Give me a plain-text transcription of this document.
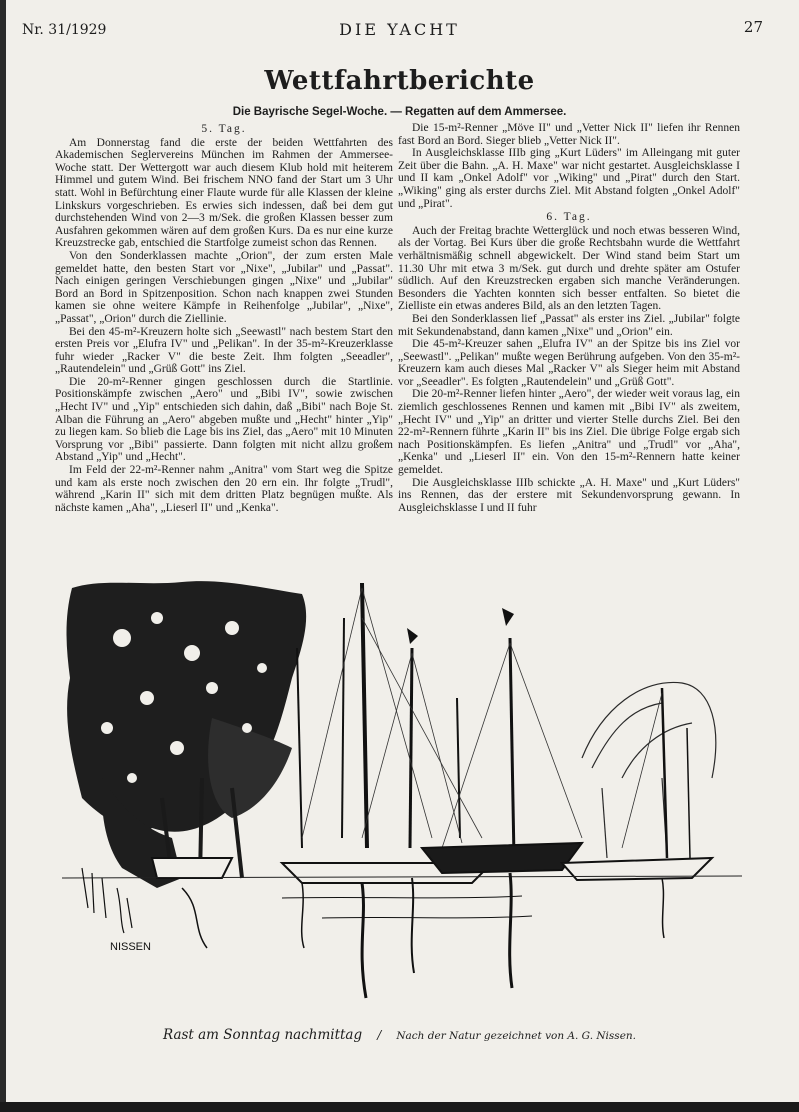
Nr. 31/1929	DIE YACHT	27
Wettfahrtberichte
Die Bayrische Segel-Woche. — Regatten auf dem Ammersee.

5. Tag.

Am Donnerstag fand die erste der beiden Wettfahrten des Akademischen Seglervereins München im Rahmen der Ammersee-Woche statt. Der Wettergott war auch diesem Klub hold mit heiterem Himmel und gutem Wind. Bei frischem NNO fand der Start um 3 Uhr statt. Wohl in Befürchtung einer Flaute wurde für alle Klassen der kleine Linkskurs vorgeschrieben. Es erwies sich indessen, daß bei dem gut durchstehenden Wind von 2—3 m/Sek. die großen Klassen besser zum Ausfahren gekommen wären auf dem großen Kurs. Da es nur eine kurze Kreuzstrecke gab, entschied die Startfolge zumeist schon das Rennen.

Von den Sonderklassen machte „Orion", der zum ersten Male gemeldet hatte, den besten Start vor „Nixe", „Jubilar" und „Passat". Nach einigen geringen Verschiebungen gingen „Nixe" und „Jubilar" Bord an Bord in Spitzenposition. Schon nach knappen zwei Stunden kamen sie ohne weitere Kämpfe in Reihenfolge „Jubilar", „Nixe", „Passat", „Orion" durch die Ziellinie.

Bei den 45-m²-Kreuzern holte sich „Seewastl" nach bestem Start den ersten Preis vor „Elufra IV" und „Pelikan". In der 35-m²-Kreuzerklasse fuhr wieder „Racker V" die beste Zeit. Ihm folgten „Seeadler", „Rautendelein" und „Grüß Gott" ins Ziel.

Die 20-m²-Renner gingen geschlossen durch die Startlinie. Positionskämpfe zwischen „Aero" und „Bibi IV", sowie zwischen „Hecht IV" und „Yip" entschieden sich dahin, daß „Bibi" nach Boje St. Alban die Führung an „Aero" abgeben mußte und „Hecht" hinter „Yip" zu liegen kam. So blieb die Lage bis ins Ziel, das „Aero" mit 10 Minuten Vorsprung vor „Bibi" passierte. Dann folgten mit nicht allzu großem Abstand „Yip" und „Hecht".

Im Feld der 22-m²-Renner nahm „Anitra" vom Start weg die Spitze und kam als erste noch zwischen den 20 ern ein. Ihr folgte „Trudl", während „Karin II" sich mit dem dritten Platz begnügen mußte. Als nächste kamen „Aha", „Lieserl II" und „Kenka".

Die 15-m²-Renner „Möve II" und „Vetter Nick II" liefen ihr Rennen fast Bord an Bord. Sieger blieb „Vetter Nick II".

In Ausgleichsklasse IIIb ging „Kurt Lüders" im Alleingang mit guter Zeit über die Bahn. „A. H. Maxe" war nicht gestartet. Ausgleichsklasse I und II kam „Onkel Adolf" vor „Wiking" und „Pirat" durch den Start. „Wiking" ging als erster durchs Ziel. Mit Abstand folgten „Onkel Adolf" und „Pirat".

6. Tag.

Auch der Freitag brachte Wetterglück und noch etwas besseren Wind, als der Vortag. Bei Kurs über die große Rechtsbahn wurde die Wettfahrt verhältnismäßig schnell abgewickelt. Der Wind stand beim Start um 11.30 Uhr mit etwa 3 m/Sek. gut durch und drehte später am Ostufer südlich. Auf den Kreuzstrecken ergaben sich manche Veränderungen. Besonders die Yachten konnten sich besser entfalten. So bietet die Zielliste ein etwas anderes Bild, als an den letzten Tagen.

Bei den Sonderklassen lief „Passat" als erster ins Ziel. „Jubilar" folgte mit Sekundenabstand, dann kamen „Nixe" und „Orion" ein.

Die 45-m²-Kreuzer sahen „Elufra IV" an der Spitze bis ins Ziel vor „Seewastl". „Pelikan" mußte wegen Berührung aufgeben. Von den 35-m²-Kreuzern kam auch dieses Mal „Racker V" als Sieger heim mit Abstand vor „Seeadler". Es folgten „Rautendelein" und „Grüß Gott".

Die 20-m²-Renner liefen hinter „Aero", der wieder weit voraus lag, ein ziemlich geschlossenes Rennen und kamen mit „Bibi IV" als zweitem, „Hecht IV" und „Yip" an dritter und vierter Stelle durchs Ziel. Bei den 22-m²-Rennern führte „Karin II" bis ins Ziel. Die übrige Folge ergab sich nach Positionskämpfen. Es liefen „Anitra" und „Trudl" vor „Aha", „Kenka" und „Lieserl II" ein. Von den 15-m²-Rennern hatte keiner gemeldet.

Die Ausgleichsklasse IIIb schickte „A. H. Maxe" und „Kurt Lüders" ins Rennen, das der erstere mit Sekundenvorsprung gewann. In Ausgleichsklasse I und II fuhr

NISSEN
Rast am Sonntag nachmittag / Nach der Natur gezeichnet von A. G. Nissen.
